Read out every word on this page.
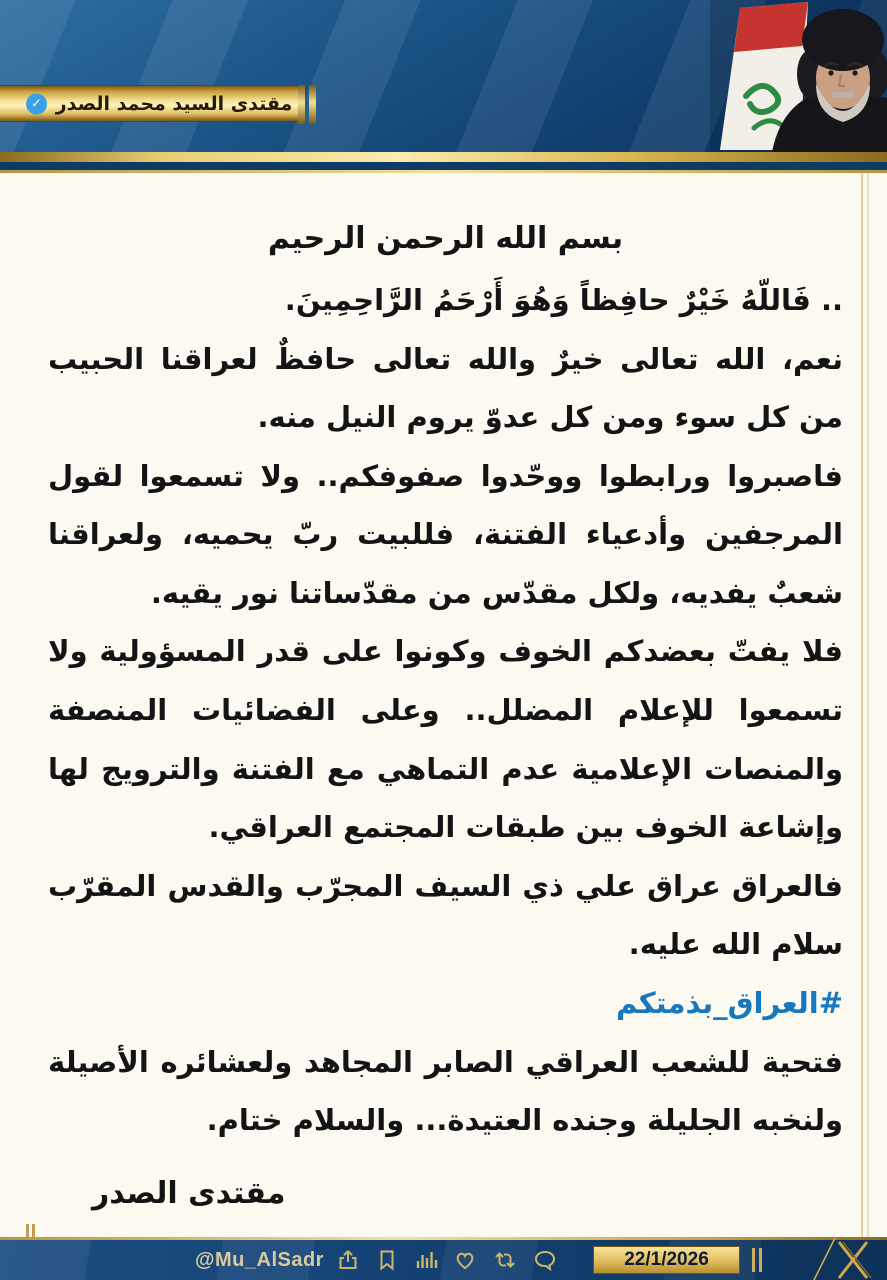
مقتدى السيد محمد الصدر
✓

بسم الله الرحمن الرحيم

.. فَاللّهُ خَيْرٌ حافِظاً وَهُوَ أَرْحَمُ الرَّاحِمِينَ.

نعم، الله تعالى خيرٌ والله تعالى حافظٌ لعراقنا الحبيب من كل سوء ومن كل عدوّ يروم النيل منه.

فاصبروا ورابطوا ووحّدوا صفوفكم.. ولا تسمعوا لقول المرجفين وأدعياء الفتنة، فللبيت ربّ يحميه، ولعراقنا شعبٌ يفديه، ولكل مقدّس من مقدّساتنا نور يقيه.

فلا يفتّ بعضدكم الخوف وكونوا على قدر المسؤولية ولا تسمعوا للإعلام المضلل.. وعلى الفضائيات المنصفة والمنصات الإعلامية عدم التماهي مع الفتنة والترويج لها وإشاعة الخوف بين طبقات المجتمع العراقي.

فالعراق عراق علي ذي السيف المجرّب والقدس المقرّب سلام الله عليه.

#العراق_بذمتكم

فتحية للشعب العراقي الصابر المجاهد ولعشائره الأصيلة ولنخبه الجليلة وجنده العتيدة... والسلام ختام.

مقتدى الصدر

@Mu_AlSadr	22/1/2026
